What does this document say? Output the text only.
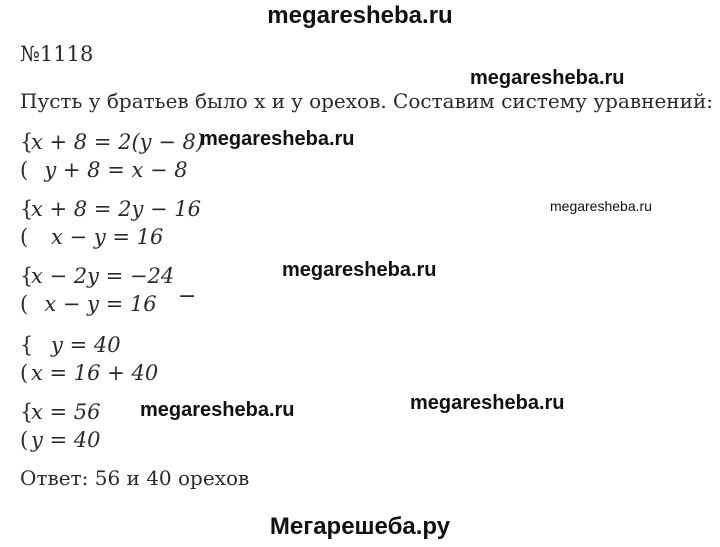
megaresheba.ru
№1118
megaresheba.ru
Пусть у братьев было x и y орехов. Составим систему уравнений:
{
(
x + 8 = 2(y − 8)
y + 8 = x − 8
megaresheba.ru
{
(
x + 8 = 2y − 16
x − y = 16
megaresheba.ru
{
(
x − 2y = −24
x − y = 16 −
megaresheba.ru
{
(
y = 40
x = 16 + 40
{
(
x = 56
y = 40
megaresheba.ru	megaresheba.ru
Ответ: 56 и 40 орехов
Мегарешеба.ру
